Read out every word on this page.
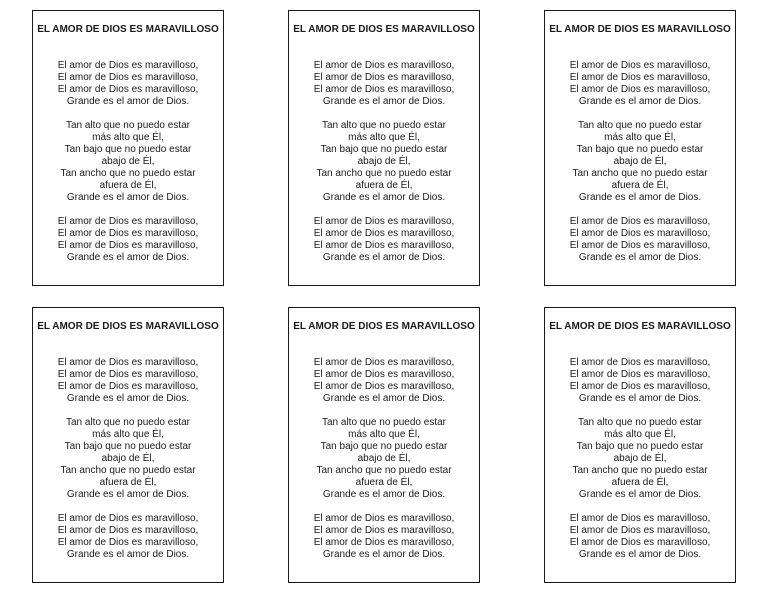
EL AMOR DE DIOS ES MARAVILLOSO
El amor de Dios es maravilloso,
El amor de Dios es maravilloso,
El amor de Dios es maravilloso,
Grande es el amor de Dios.
Tan alto que no puedo estar
más alto que Él,
Tan bajo que no puedo estar
abajo de Él,
Tan ancho que no puedo estar
afuera de Él,
Grande es el amor de Dios.
El amor de Dios es maravilloso,
El amor de Dios es maravilloso,
El amor de Dios es maravilloso,
Grande es el amor de Dios.
EL AMOR DE DIOS ES MARAVILLOSO
El amor de Dios es maravilloso,
El amor de Dios es maravilloso,
El amor de Dios es maravilloso,
Grande es el amor de Dios.
Tan alto que no puedo estar
más alto que Él,
Tan bajo que no puedo estar
abajo de Él,
Tan ancho que no puedo estar
afuera de Él,
Grande es el amor de Dios.
El amor de Dios es maravilloso,
El amor de Dios es maravilloso,
El amor de Dios es maravilloso,
Grande es el amor de Dios.
EL AMOR DE DIOS ES MARAVILLOSO
El amor de Dios es maravilloso,
El amor de Dios es maravilloso,
El amor de Dios es maravilloso,
Grande es el amor de Dios.
Tan alto que no puedo estar
más alto que Él,
Tan bajo que no puedo estar
abajo de Él,
Tan ancho que no puedo estar
afuera de Él,
Grande es el amor de Dios.
El amor de Dios es maravilloso,
El amor de Dios es maravilloso,
El amor de Dios es maravilloso,
Grande es el amor de Dios.
EL AMOR DE DIOS ES MARAVILLOSO
El amor de Dios es maravilloso,
El amor de Dios es maravilloso,
El amor de Dios es maravilloso,
Grande es el amor de Dios.
Tan alto que no puedo estar
más alto que Él,
Tan bajo que no puedo estar
abajo de Él,
Tan ancho que no puedo estar
afuera de Él,
Grande es el amor de Dios.
El amor de Dios es maravilloso,
El amor de Dios es maravilloso,
El amor de Dios es maravilloso,
Grande es el amor de Dios.
EL AMOR DE DIOS ES MARAVILLOSO
El amor de Dios es maravilloso,
El amor de Dios es maravilloso,
El amor de Dios es maravilloso,
Grande es el amor de Dios.
Tan alto que no puedo estar
más alto que Él,
Tan bajo que no puedo estar
abajo de Él,
Tan ancho que no puedo estar
afuera de Él,
Grande es el amor de Dios.
El amor de Dios es maravilloso,
El amor de Dios es maravilloso,
El amor de Dios es maravilloso,
Grande es el amor de Dios.
EL AMOR DE DIOS ES MARAVILLOSO
El amor de Dios es maravilloso,
El amor de Dios es maravilloso,
El amor de Dios es maravilloso,
Grande es el amor de Dios.
Tan alto que no puedo estar
más alto que Él,
Tan bajo que no puedo estar
abajo de Él,
Tan ancho que no puedo estar
afuera de Él,
Grande es el amor de Dios.
El amor de Dios es maravilloso,
El amor de Dios es maravilloso,
El amor de Dios es maravilloso,
Grande es el amor de Dios.
